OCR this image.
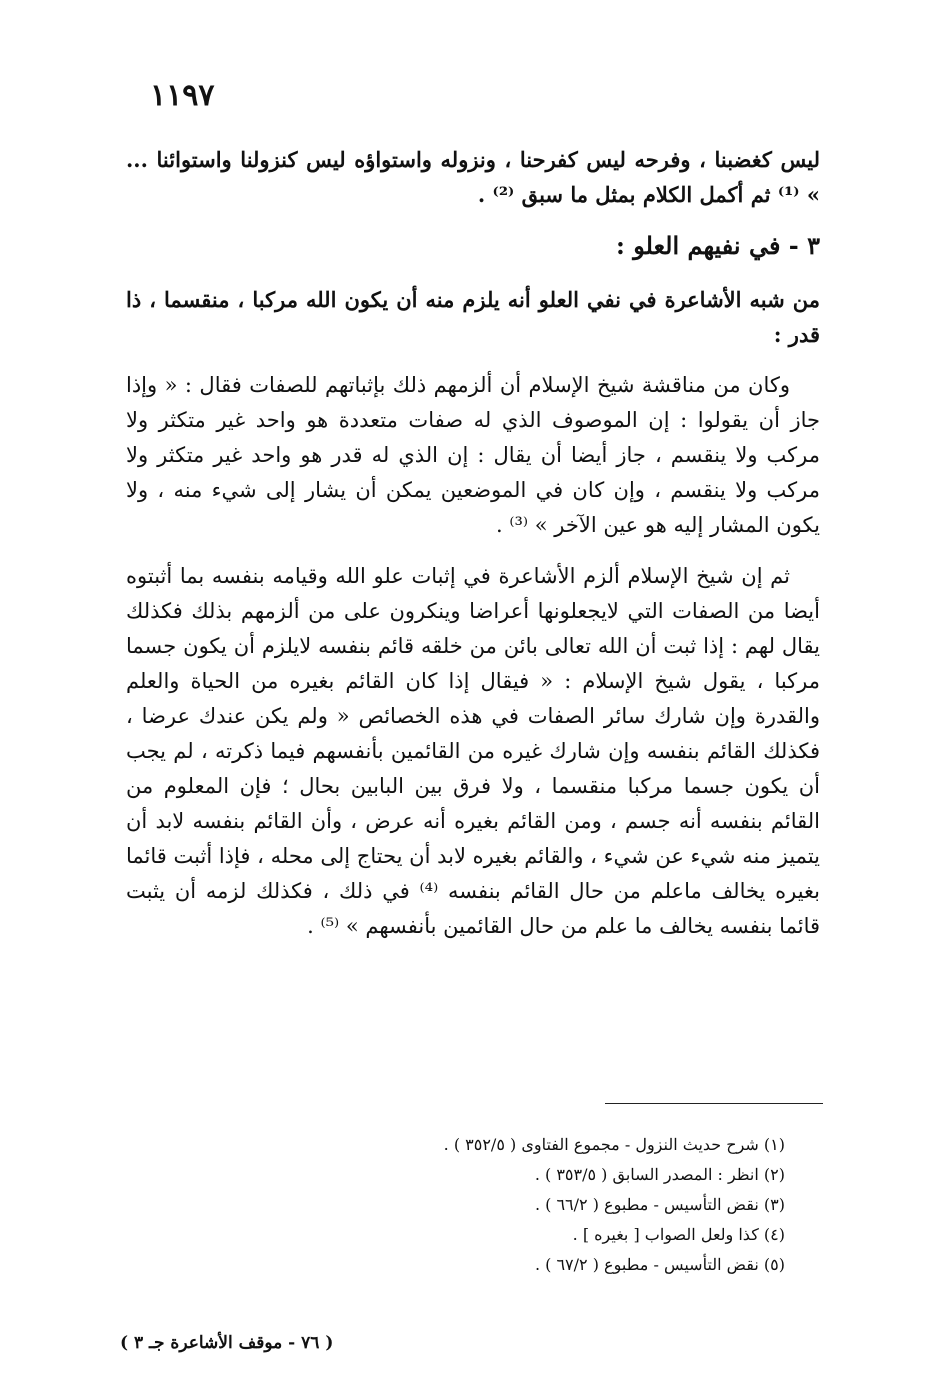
١١٩٧

ليس كغضبنا ، وفرحه ليس كفرحنا ، ونزوله واستواؤه ليس كنزولنا واستوائنا ... » ⁽¹⁾ ثم أكمل الكلام بمثل ما سبق ⁽²⁾ .

٣ - في نفيهم العلو :

من شبه الأشاعرة في نفي العلو أنه يلزم منه أن يكون الله مركبا ، منقسما ، ذا قدر :

وكان من مناقشة شيخ الإسلام أن ألزمهم ذلك بإثباتهم للصفات فقال : « وإذا جاز أن يقولوا : إن الموصوف الذي له صفات متعددة هو واحد غير متكثر ولا مركب ولا ينقسم ، جاز أيضا أن يقال : إن الذي له قدر هو واحد غير متكثر ولا مركب ولا ينقسم ، وإن كان في الموضعين يمكن أن يشار إلى شيء منه ، ولا يكون المشار إليه هو عين الآخر » ⁽³⁾ .

ثم إن شيخ الإسلام ألزم الأشاعرة في إثبات علو الله وقيامه بنفسه بما أثبتوه أيضا من الصفات التي لايجعلونها أعراضا وينكرون على من ألزمهم بذلك فكذلك يقال لهم : إذا ثبت أن الله تعالى بائن من خلقه قائم بنفسه لايلزم أن يكون جسما مركبا ، يقول شيخ الإسلام : « فيقال إذا كان القائم بغيره من الحياة والعلم والقدرة وإن شارك سائر الصفات في هذه الخصائص « ولم يكن عندك عرضا ، فكذلك القائم بنفسه وإن شارك غيره من القائمين بأنفسهم فيما ذكرته ، لم يجب أن يكون جسما مركبا منقسما ، ولا فرق بين البابين بحال ؛ فإن المعلوم من القائم بنفسه أنه جسم ، ومن القائم بغيره أنه عرض ، وأن القائم بنفسه لابد أن يتميز منه شيء عن شيء ، والقائم بغيره لابد أن يحتاج إلى محله ، فإذا أثبت قائما بغيره يخالف ماعلم من حال القائم بنفسه ⁽⁴⁾ في ذلك ، فكذلك لزمه أن يثبت قائما بنفسه يخالف ما علم من حال القائمين بأنفسهم » ⁽⁵⁾ .

(١) شرح حديث النزول - مجموع الفتاوى ( ٣٥٢/٥ ) .
(٢) انظر : المصدر السابق ( ٣٥٣/٥ ) .
(٣) نقض التأسيس - مطبوع ( ٦٦/٢ ) .
(٤) كذا ولعل الصواب [ بغيره ] .
(٥) نقض التأسيس - مطبوع ( ٦٧/٢ ) .
( ٧٦ - موقف الأشاعرة جـ ٣ )
